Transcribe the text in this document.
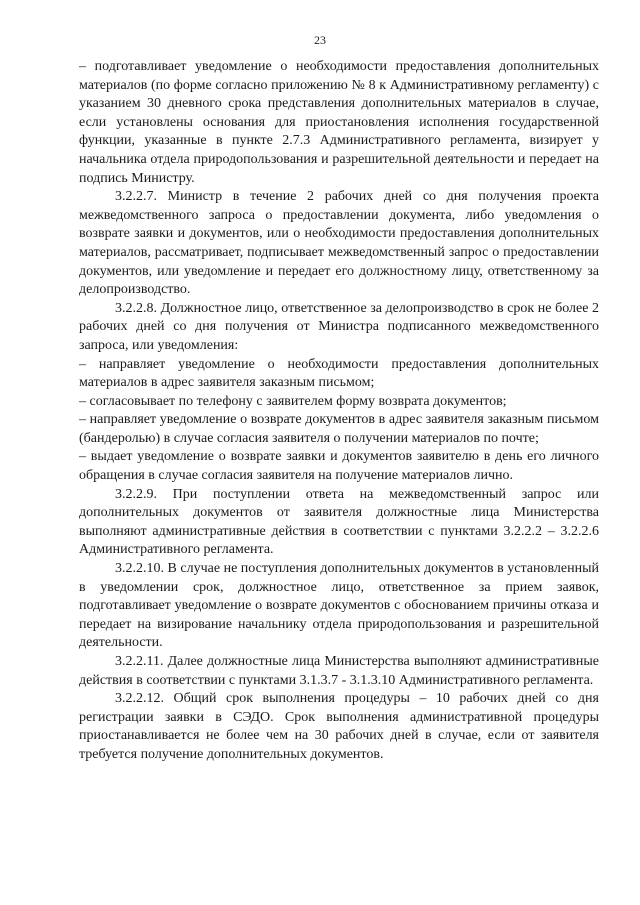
23

– подготавливает уведомление о необходимости предоставления дополнительных материалов (по форме согласно приложению № 8 к Административному регламенту) с указанием 30 дневного срока представления дополнительных материалов в случае, если установлены основания для приостановления исполнения государственной функции, указанные в пункте 2.7.3 Административного регламента, визирует у начальника отдела природопользования и разрешительной деятельности и передает на подпись Министру.

3.2.2.7. Министр в течение 2 рабочих дней со дня получения проекта межведомственного запроса о предоставлении документа, либо уведомления о возврате заявки и документов, или о необходимости предоставления дополнительных материалов, рассматривает, подписывает межведомственный запрос о предоставлении документов, или уведомление и передает его должностному лицу, ответственному за делопроизводство.

3.2.2.8. Должностное лицо, ответственное за делопроизводство в срок не более 2 рабочих дней со дня получения от Министра подписанного межведомственного запроса, или уведомления:

– направляет уведомление о необходимости предоставления дополнительных материалов в адрес заявителя заказным письмом;

– согласовывает по телефону с заявителем форму возврата документов;

– направляет уведомление о возврате документов в адрес заявителя заказным письмом (бандеролью) в случае согласия заявителя о получении материалов по почте;

– выдает уведомление о возврате заявки и документов заявителю в день его личного обращения в случае согласия заявителя на получение материалов лично.

3.2.2.9. При поступлении ответа на межведомственный запрос или дополнительных документов от заявителя должностные лица Министерства выполняют административные действия в соответствии с пунктами 3.2.2.2 – 3.2.2.6 Административного регламента.

3.2.2.10. В случае не поступления дополнительных документов в установленный в уведомлении срок, должностное лицо, ответственное за прием заявок, подготавливает уведомление о возврате документов с обоснованием причины отказа и передает на визирование начальнику отдела природопользования и разрешительной деятельности.

3.2.2.11. Далее должностные лица Министерства выполняют административные действия в соответствии с пунктами 3.1.3.7 - 3.1.3.10 Административного регламента.

3.2.2.12. Общий срок выполнения процедуры – 10 рабочих дней со дня регистрации заявки в СЭДО. Срок выполнения административной процедуры приостанавливается не более чем на 30 рабочих дней в случае, если от заявителя требуется получение дополнительных документов.
